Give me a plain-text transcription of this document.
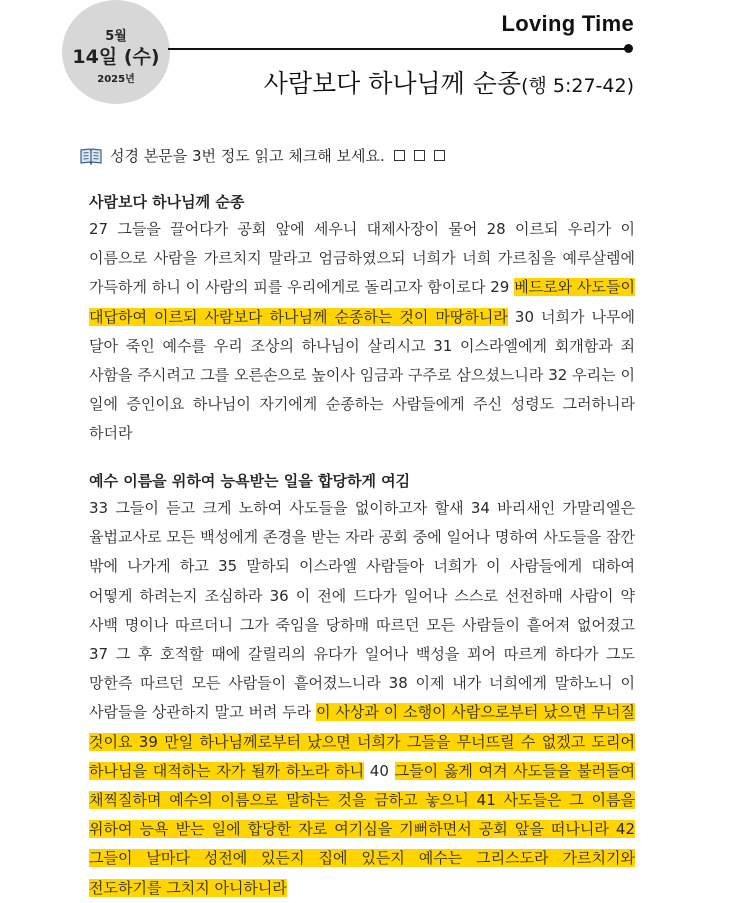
5월
14일 (수)
2025년
Loving Time
사람보다 하나님께 순종(행 5:27-42)
성경 본문을 3번 정도 읽고 체크해 보세요.
사람보다 하나님께 순종
27 그들을 끌어다가 공회 앞에 세우니 대제사장이 물어 28 이르되 우리가 이 이름으로 사람을 가르치지 말라고 엄금하였으되 너희가 너희 가르침을 예루살렘에 가득하게 하니 이 사람의 피를 우리에게로 돌리고자 함이로다 29 베드로와 사도들이 대답하여 이르되 사람보다 하나님께 순종하는 것이 마땅하니라 30 너희가 나무에 달아 죽인 예수를 우리 조상의 하나님이 살리시고 31 이스라엘에게 회개함과 죄 사함을 주시려고 그를 오른손으로 높이사 임금과 구주로 삼으셨느니라 32 우리는 이 일에 증인이요 하나님이 자기에게 순종하는 사람들에게 주신 성령도 그러하니라 하더라
예수 이름을 위하여 능욕받는 일을 합당하게 여김
33 그들이 듣고 크게 노하여 사도들을 없이하고자 할새 34 바리새인 가말리엘은 율법교사로 모든 백성에게 존경을 받는 자라 공회 중에 일어나 명하여 사도들을 잠깐 밖에 나가게 하고 35 말하되 이스라엘 사람들아 너희가 이 사람들에게 대하여 어떻게 하려는지 조심하라 36 이 전에 드다가 일어나 스스로 선전하매 사람이 약 사백 명이나 따르더니 그가 죽임을 당하매 따르던 모든 사람들이 흩어져 없어졌고 37 그 후 호적할 때에 갈릴리의 유다가 일어나 백성을 꾀어 따르게 하다가 그도 망한즉 따르던 모든 사람들이 흩어졌느니라 38 이제 내가 너희에게 말하노니 이 사람들을 상관하지 말고 버려 두라 이 사상과 이 소행이 사람으로부터 났으면 무너질 것이요 39 만일 하나님께로부터 났으면 너희가 그들을 무너뜨릴 수 없겠고 도리어 하나님을 대적하는 자가 될까 하노라 하니 40 그들이 옳게 여겨 사도들을 불러들여 채찍질하며 예수의 이름으로 말하는 것을 금하고 놓으니 41 사도들은 그 이름을 위하여 능욕 받는 일에 합당한 자로 여기심을 기뻐하면서 공회 앞을 떠나니라 42 그들이 날마다 성전에 있든지 집에 있든지 예수는 그리스도라 가르치기와 전도하기를 그치지 아니하니라
